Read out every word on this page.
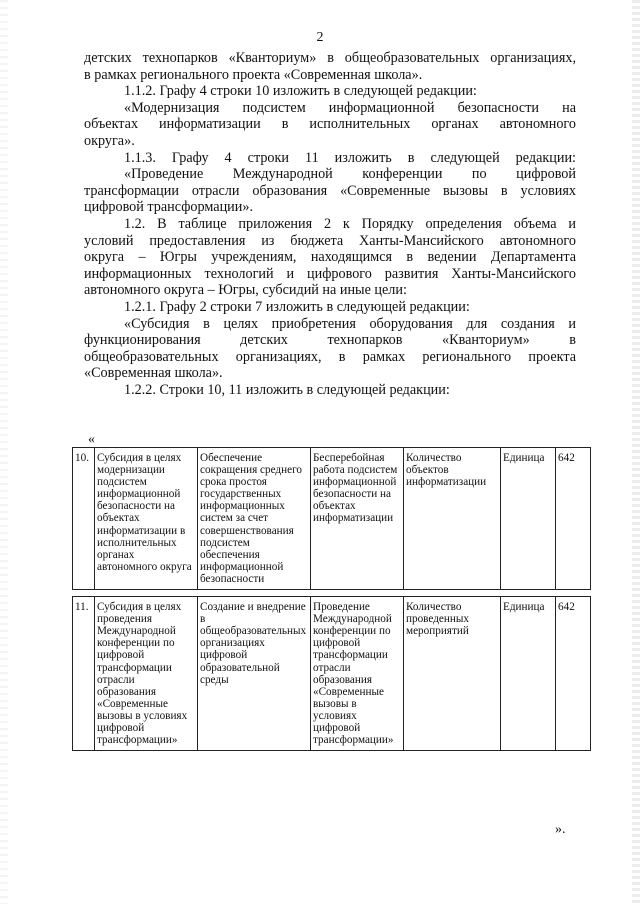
2

детских технопарков «Кванториум» в общеобразовательных организациях,

в рамках регионального проекта «Современная школа».

1.1.2. Графу 4 строки 10 изложить в следующей редакции:

«Модернизация подсистем информационной безопасности на

объектах информатизации в исполнительных органах автономного

округа».

1.1.3. Графу 4 строки 11 изложить в следующей редакции:

«Проведение Международной конференции по цифровой

трансформации отрасли образования «Современные вызовы в условиях

цифровой трансформации».

1.2. В таблице приложения 2 к Порядку определения объема и

условий предоставления из бюджета Ханты-Мансийского автономного

округа – Югры учреждениям, находящимся в ведении Департамента

информационных технологий и цифрового развития Ханты-Мансийского

автономного округа – Югры, субсидий на иные цели:

1.2.1. Графу 2 строки 7 изложить в следующей редакции:

«Субсидия в целях приобретения оборудования для создания и

функционирования детских технопарков «Кванториум» в

общеобразовательных организациях, в рамках регионального проекта

«Современная школа».

1.2.2. Строки 10, 11 изложить в следующей редакции:

«
10.	Субсидия в целях модернизации подсистем информационной безопасности на объектах информатизации в исполнительных органах автономного округа	Обеспечение сокращения среднего срока простоя государственных информационных систем за счет совершенствования подсистем обеспечения информационной безопасности	Бесперебойная работа подсистем информационной безопасности на объектах информатизации	Количество объектов информатизации	Единица	642

11.	Субсидия в целях проведения Международной конференции по цифровой трансформации отрасли образования «Современные вызовы в условиях цифровой трансформации»	Создание и внедрение в общеобразовательных организациях цифровой образовательной среды	Проведение Международной конференции по цифровой трансформации отрасли образования «Современные вызовы в условиях цифровой трансформации»	Количество проведенных мероприятий	Единица	642
».
